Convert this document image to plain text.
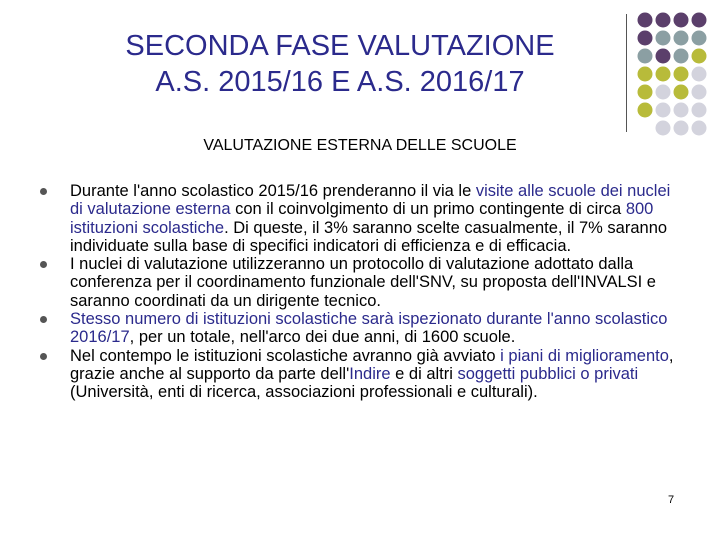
SECONDA FASE VALUTAZIONE
A.S. 2015/16 E A.S. 2016/17
VALUTAZIONE ESTERNA DELLE SCUOLE
Durante l'anno scolastico 2015/16 prenderanno il via le visite alle scuole dei nuclei di valutazione esterna con il coinvolgimento di un primo contingente di circa 800 istituzioni scolastiche. Di queste, il 3% saranno scelte casualmente, il 7% saranno individuate sulla base di specifici indicatori di efficienza e di efficacia.
I nuclei di valutazione utilizzeranno un protocollo di valutazione adottato dalla conferenza per il coordinamento funzionale dell'SNV, su proposta dell'INVALSI e saranno coordinati da un dirigente tecnico.
Stesso numero di istituzioni scolastiche sarà ispezionato durante l'anno scolastico 2016/17, per un totale, nell'arco dei due anni, di 1600 scuole.
Nel contempo le istituzioni scolastiche avranno già avviato i piani di miglioramento, grazie anche al supporto da parte dell'Indire e di altri soggetti pubblici o privati (Università, enti di ricerca, associazioni professionali e culturali).
7
